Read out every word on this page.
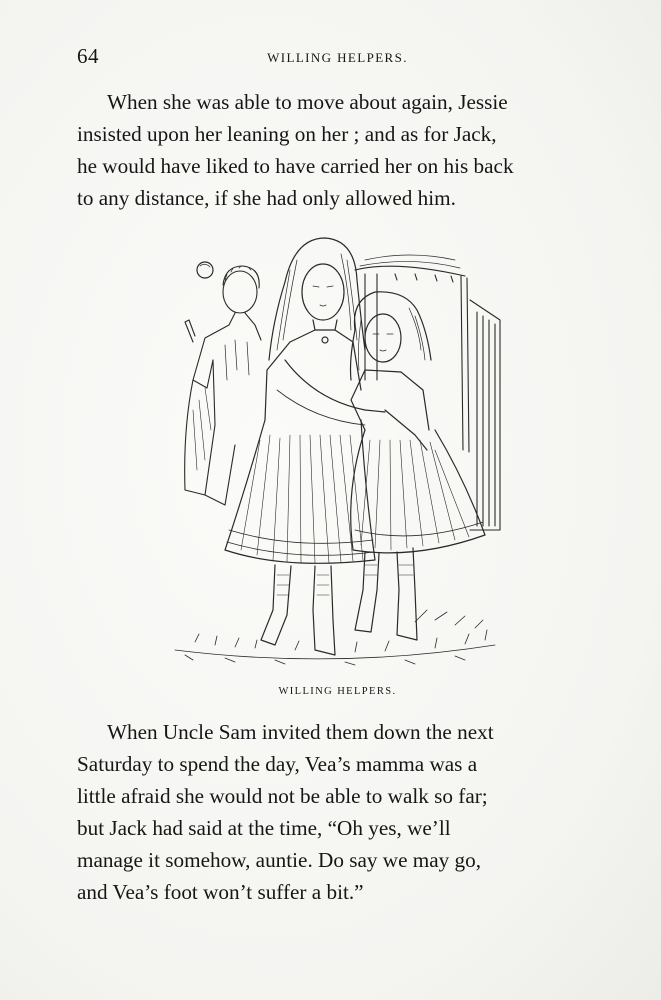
64	WILLING HELPERS.

When she was able to move about again, Jessie
insisted upon her leaning on her ; and as for Jack,
he would have liked to have carried her on his back
to any distance, if she had only allowed him.

WILLING HELPERS.

When Uncle Sam invited them down the next
Saturday to spend the day, Vea’s mamma was a
little afraid she would not be able to walk so far;
but Jack had said at the time, “Oh yes, we’ll
manage it somehow, auntie. Do say we may go,
and Vea’s foot won’t suffer a bit.”
